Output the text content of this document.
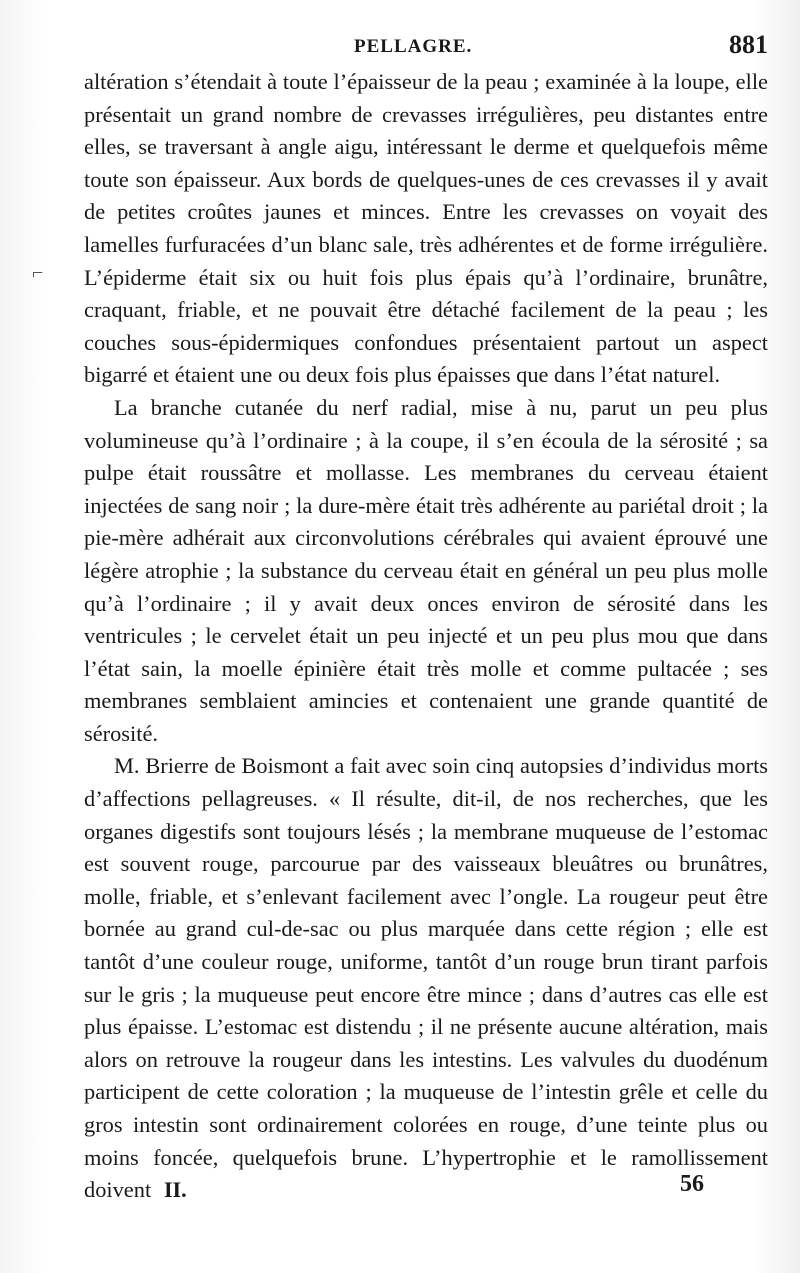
PELLAGRE.	881
⌐

altération s’étendait à toute l’épaisseur de la peau ; examinée à la loupe, elle présentait un grand nombre de crevasses irrégulières, peu distantes entre elles, se traversant à angle aigu, intéressant le derme et quelquefois même toute son épaisseur. Aux bords de quelques-unes de ces crevasses il y avait de petites croûtes jaunes et minces. Entre les crevasses on voyait des lamelles furfuracées d’un blanc sale, très adhérentes et de forme irrégulière. L’épiderme était six ou huit fois plus épais qu’à l’ordinaire, brunâtre, craquant, friable, et ne pouvait être détaché facilement de la peau ; les couches sous-épidermiques confondues présentaient partout un aspect bigarré et étaient une ou deux fois plus épaisses que dans l’état naturel.

La branche cutanée du nerf radial, mise à nu, parut un peu plus volumineuse qu’à l’ordinaire ; à la coupe, il s’en écoula de la sérosité ; sa pulpe était roussâtre et mollasse. Les membranes du cerveau étaient injectées de sang noir ; la dure-mère était très adhérente au pariétal droit ; la pie-mère adhérait aux circonvolutions cérébrales qui avaient éprouvé une légère atrophie ; la substance du cerveau était en général un peu plus molle qu’à l’ordinaire ; il y avait deux onces environ de sérosité dans les ventricules ; le cervelet était un peu injecté et un peu plus mou que dans l’état sain, la moelle épinière était très molle et comme pultacée ; ses membranes semblaient amincies et contenaient une grande quantité de sérosité.

M. Brierre de Boismont a fait avec soin cinq autopsies d’individus morts d’affections pellagreuses. « Il résulte, dit-il, de nos recherches, que les organes digestifs sont toujours lésés ; la membrane muqueuse de l’estomac est souvent rouge, parcourue par des vaisseaux bleuâtres ou brunâtres, molle, friable, et s’enlevant facilement avec l’ongle. La rougeur peut être bornée au grand cul-de-sac ou plus marquée dans cette région ; elle est tantôt d’une couleur rouge, uniforme, tantôt d’un rouge brun tirant parfois sur le gris ; la muqueuse peut encore être mince ; dans d’autres cas elle est plus épaisse. L’estomac est distendu ; il ne présente aucune altération, mais alors on retrouve la rougeur dans les intestins. Les valvules du duodénum participent de cette coloration ; la muqueuse de l’intestin grêle et celle du gros intestin sont ordinairement colorées en rouge, d’une teinte plus ou moins foncée, quelquefois brune. L’hypertrophie et le ramollissement doivent II.	56
